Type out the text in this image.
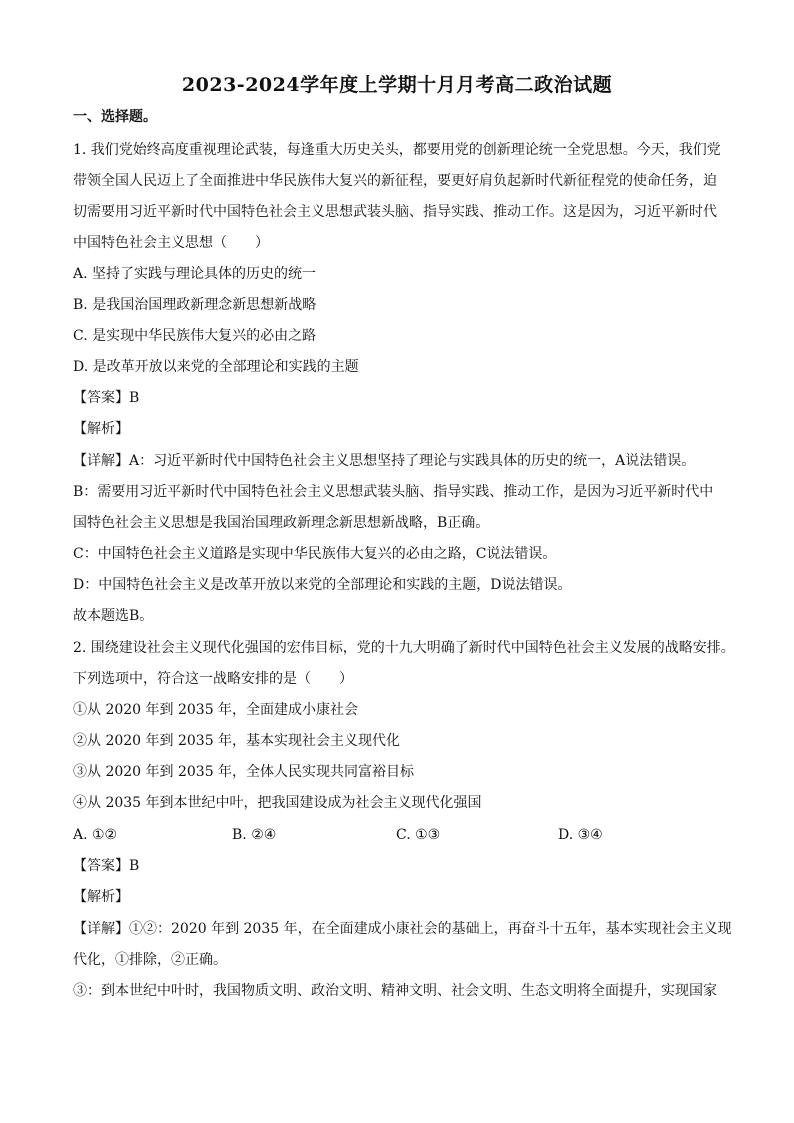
2023-2024学年度上学期十月月考高二政治试题
一、选择题。
1. 我们党始终高度重视理论武装，每逢重大历史关头，都要用党的创新理论统一全党思想。今天，我们党
带领全国人民迈上了全面推进中华民族伟大复兴的新征程，要更好肩负起新时代新征程党的使命任务，迫
切需要用习近平新时代中国特色社会主义思想武装头脑、指导实践、推动工作。这是因为，习近平新时代
中国特色社会主义思想（　　）
A. 坚持了实践与理论具体的历史的统一
B. 是我国治国理政新理念新思想新战略
C. 是实现中华民族伟大复兴的必由之路
D. 是改革开放以来党的全部理论和实践的主题
【答案】B
【解析】
【详解】A：习近平新时代中国特色社会主义思想坚持了理论与实践具体的历史的统一，A说法错误。
B：需要用习近平新时代中国特色社会主义思想武装头脑、指导实践、推动工作，是因为习近平新时代中
国特色社会主义思想是我国治国理政新理念新思想新战略，B正确。
C：中国特色社会主义道路是实现中华民族伟大复兴的必由之路，C说法错误。
D：中国特色社会主义是改革开放以来党的全部理论和实践的主题，D说法错误。
故本题选B。
2. 围绕建设社会主义现代化强国的宏伟目标，党的十九大明确了新时代中国特色社会主义发展的战略安排。
下列选项中，符合这一战略安排的是（　　）
①从 2020 年到 2035 年，全面建成小康社会
②从 2020 年到 2035 年，基本实现社会主义现代化
③从 2020 年到 2035 年，全体人民实现共同富裕目标
④从 2035 年到本世纪中叶，把我国建设成为社会主义现代化强国
A. ①②	B. ②④	C. ①③	D. ③④
【答案】B
【解析】
【详解】①②：2020 年到 2035 年，在全面建成小康社会的基础上，再奋斗十五年，基本实现社会主义现
代化，①排除，②正确。
③：到本世纪中叶时，我国物质文明、政治文明、精神文明、社会文明、生态文明将全面提升，实现国家
